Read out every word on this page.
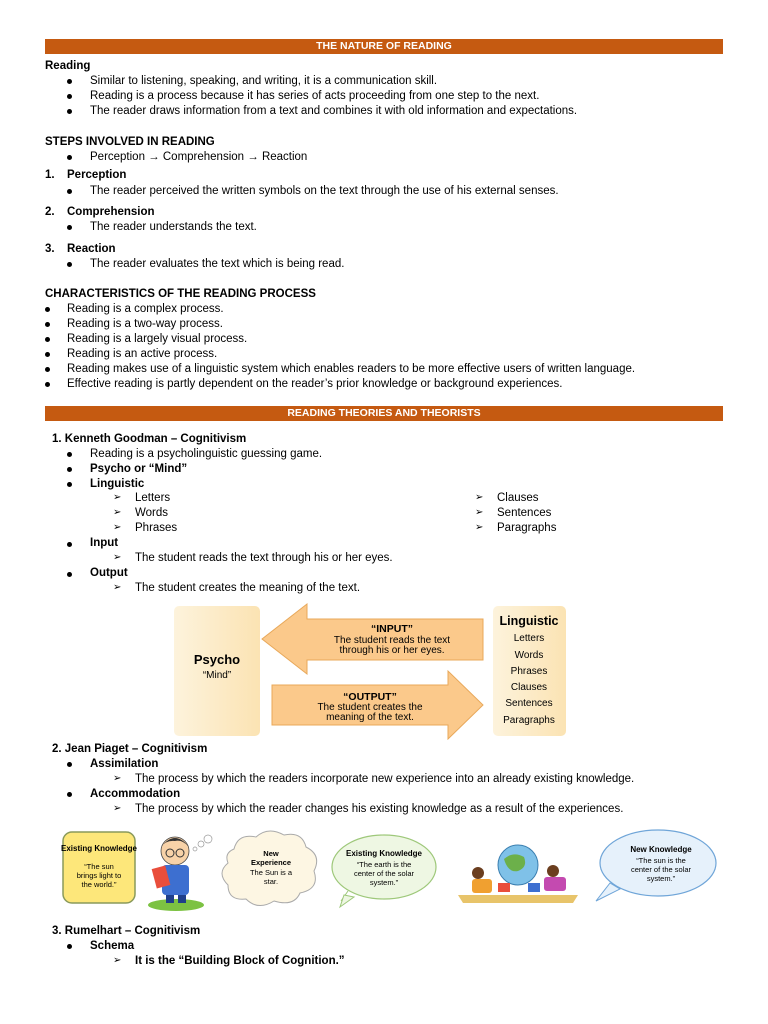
THE NATURE OF READING
Reading
Similar to listening, speaking, and writing, it is a communication skill.
Reading is a process because it has series of acts proceeding from one step to the next.
The reader draws information from a text and combines it with old information and expectations.
STEPS INVOLVED IN READING
Perception → Comprehension → Reaction
1. Perception
The reader perceived the written symbols on the text through the use of his external senses.
2. Comprehension
The reader understands the text.
3. Reaction
The reader evaluates the text which is being read.
CHARACTERISTICS OF THE READING PROCESS
Reading is a complex process.
Reading is a two-way process.
Reading is a largely visual process.
Reading is an active process.
Reading makes use of a linguistic system which enables readers to be more effective users of written language.
Effective reading is partly dependent on the reader’s prior knowledge or background experiences.
READING THEORIES AND THEORISTS
1. Kenneth Goodman – Cognitivism
Reading is a psycholinguistic guessing game.
Psycho or “Mind”
Linguistic
➢ Letters
➢ Words
➢ Phrases
➢ Clauses
➢ Sentences
➢ Paragraphs
Input
➢ The student reads the text through his or her eyes.
Output
➢ The student creates the meaning of the text.
Psycho
“Mind”
“INPUT”
The student reads the text
through his or her eyes.
“OUTPUT”
The student creates the
meaning of the text.
Linguistic
Letters
Words
Phrases
Clauses
Sentences
Paragraphs
2. Jean Piaget – Cognitivism
Assimilation
➢ The process by which the readers incorporate new experience into an already existing knowledge.
Accommodation
➢ The process by which the reader changes his existing knowledge as a result of the experiences.
Existing Knowledge
“The sun
brings light to
the world.”
New
Experience
The Sun is a
star.
Existing Knowledge
“The earth is the
center of the solar
system.”
New Knowledge
“The sun is the
center of the solar
system.”
3. Rumelhart – Cognitivism
Schema
➢ It is the “Building Block of Cognition.”
